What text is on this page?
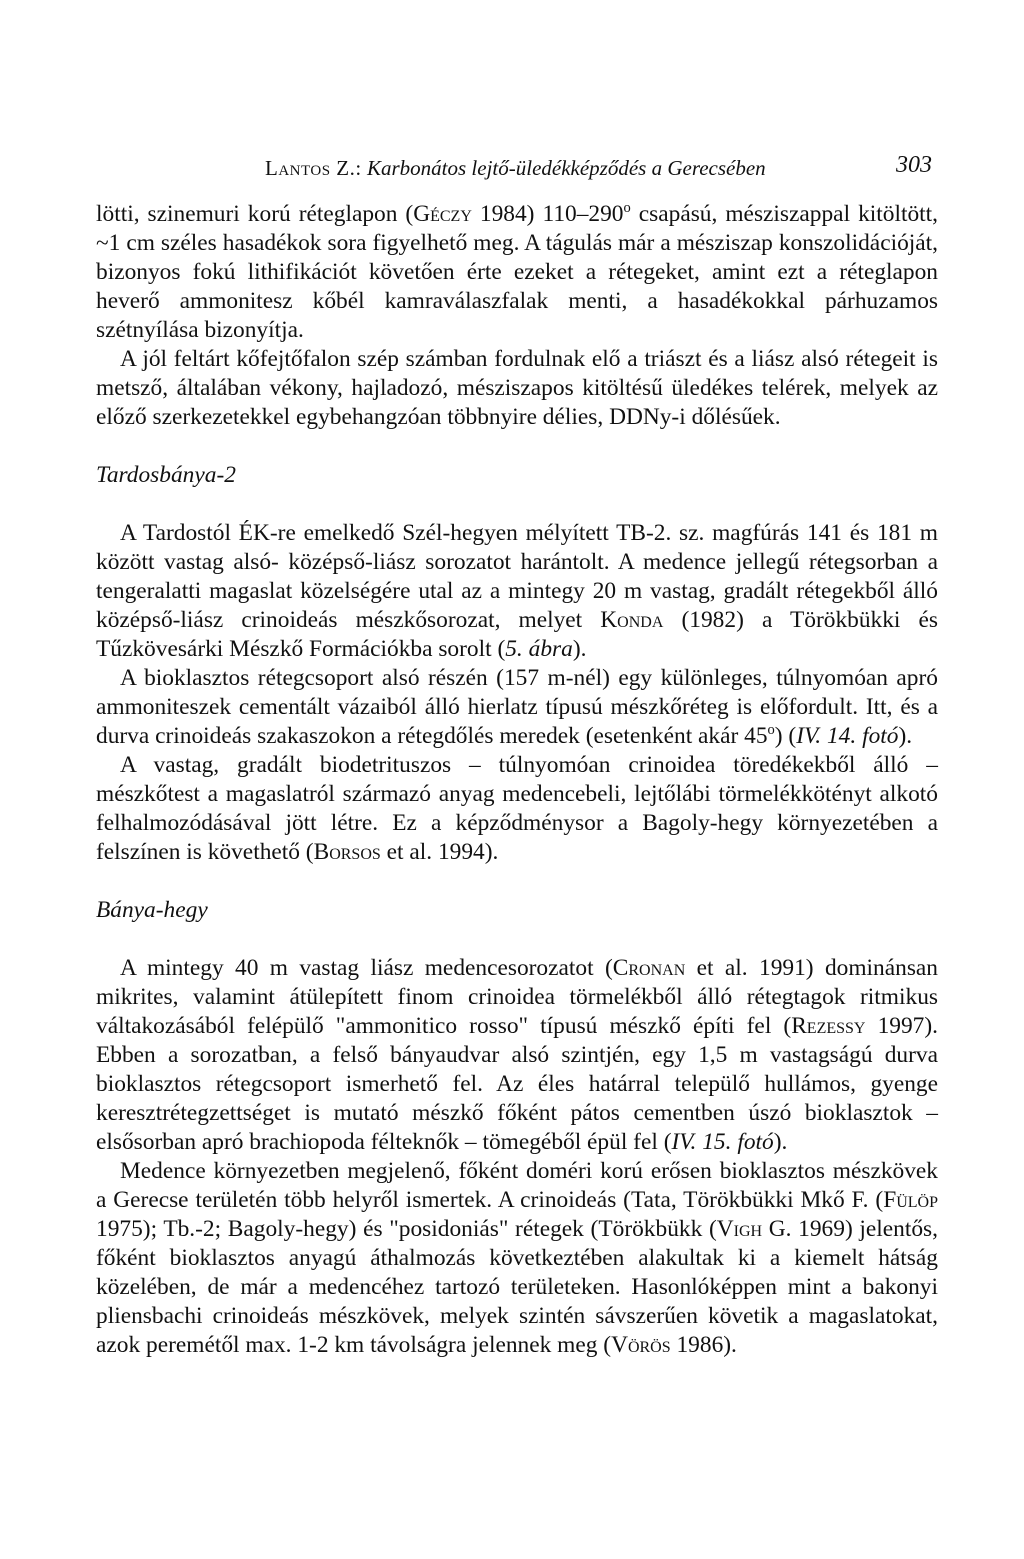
Lantos Z.: Karbonátos lejtő-üledékképződés a Gerecsében	303

lötti, szinemuri korú réteglapon (Géczy 1984) 110–290$^o$ csapású, mésziszappal kitöltött, ~1 cm széles hasadékok sora figyelhető meg. A tágulás már a mésziszap konszolidációját, bizonyos fokú lithifikációt követően érte ezeket a rétegeket, amint ezt a réteglapon heverő ammonitesz kőbél kamraválaszfalak menti, a hasadékokkal párhuzamos szétnyílása bizonyítja.

A jól feltárt kőfejtőfalon szép számban fordulnak elő a triászt és a liász alsó rétegeit is metsző, általában vékony, hajladozó, mésziszapos kitöltésű üledékes telérek, melyek az előző szerkezetekkel egybehangzóan többnyire délies, DDNy-i dőlésűek.

Tardosbánya-2

A Tardostól ÉK-re emelkedő Szél-hegyen mélyített TB-2. sz. magfúrás 141 és 181 m között vastag alsó- középső-liász sorozatot harántolt. A medence jellegű rétegsorban a tengeralatti magaslat közelségére utal az a mintegy 20 m vastag, gradált rétegekből álló középső-liász crinoideás mészkősorozat, melyet Konda (1982) a Törökbükki és Tűzkövesárki Mészkő Formációkba sorolt (5. ábra).

A bioklasztos rétegcsoport alsó részén (157 m-nél) egy különleges, túlnyomóan apró ammoniteszek cementált vázaiból álló hierlatz típusú mészkőréteg is előfordult. Itt, és a durva crinoideás szakaszokon a rétegdőlés meredek (esetenként akár 45$^o$) (IV. 14. fotó).

A vastag, gradált biodetrituszos – túlnyomóan crinoidea töredékekből álló – mészkőtest a magaslatról származó anyag medencebeli, lejtőlábi törmelékkötényt alkotó felhalmozódásával jött létre. Ez a képződménysor a Bagoly-hegy környezetében a felszínen is követhető (Borsos et al. 1994).

Bánya-hegy

A mintegy 40 m vastag liász medencesorozatot (Cronan et al. 1991) dominánsan mikrites, valamint átülepített finom crinoidea törmelékből álló rétegtagok ritmikus váltakozásából felépülő "ammonitico rosso" típusú mészkő építi fel (Rezessy 1997). Ebben a sorozatban, a felső bányaudvar alsó szintjén, egy 1,5 m vastagságú durva bioklasztos rétegcsoport ismerhető fel. Az éles határral települő hullámos, gyenge keresztrétegzettséget is mutató mészkő főként pátos cementben úszó bioklasztok – elsősorban apró brachiopoda félteknők – tömegéből épül fel (IV. 15. fotó).

Medence környezetben megjelenő, főként doméri korú erősen bioklasztos mészkövek a Gerecse területén több helyről ismertek. A crinoideás (Tata, Törökbükki Mkő F. (Fülöp 1975); Tb.-2; Bagoly-hegy) és "posidoniás" rétegek (Törökbükk (Vigh G. 1969) jelentős, főként bioklasztos anyagú áthalmozás következtében alakultak ki a kiemelt hátság közelében, de már a medencéhez tartozó területeken. Hasonlóképpen mint a bakonyi pliensbachi crinoideás mészkövek, melyek szintén sávszerűen követik a magaslatokat, azok peremétől max. 1-2 km távolságra jelennek meg (Vörös 1986).
